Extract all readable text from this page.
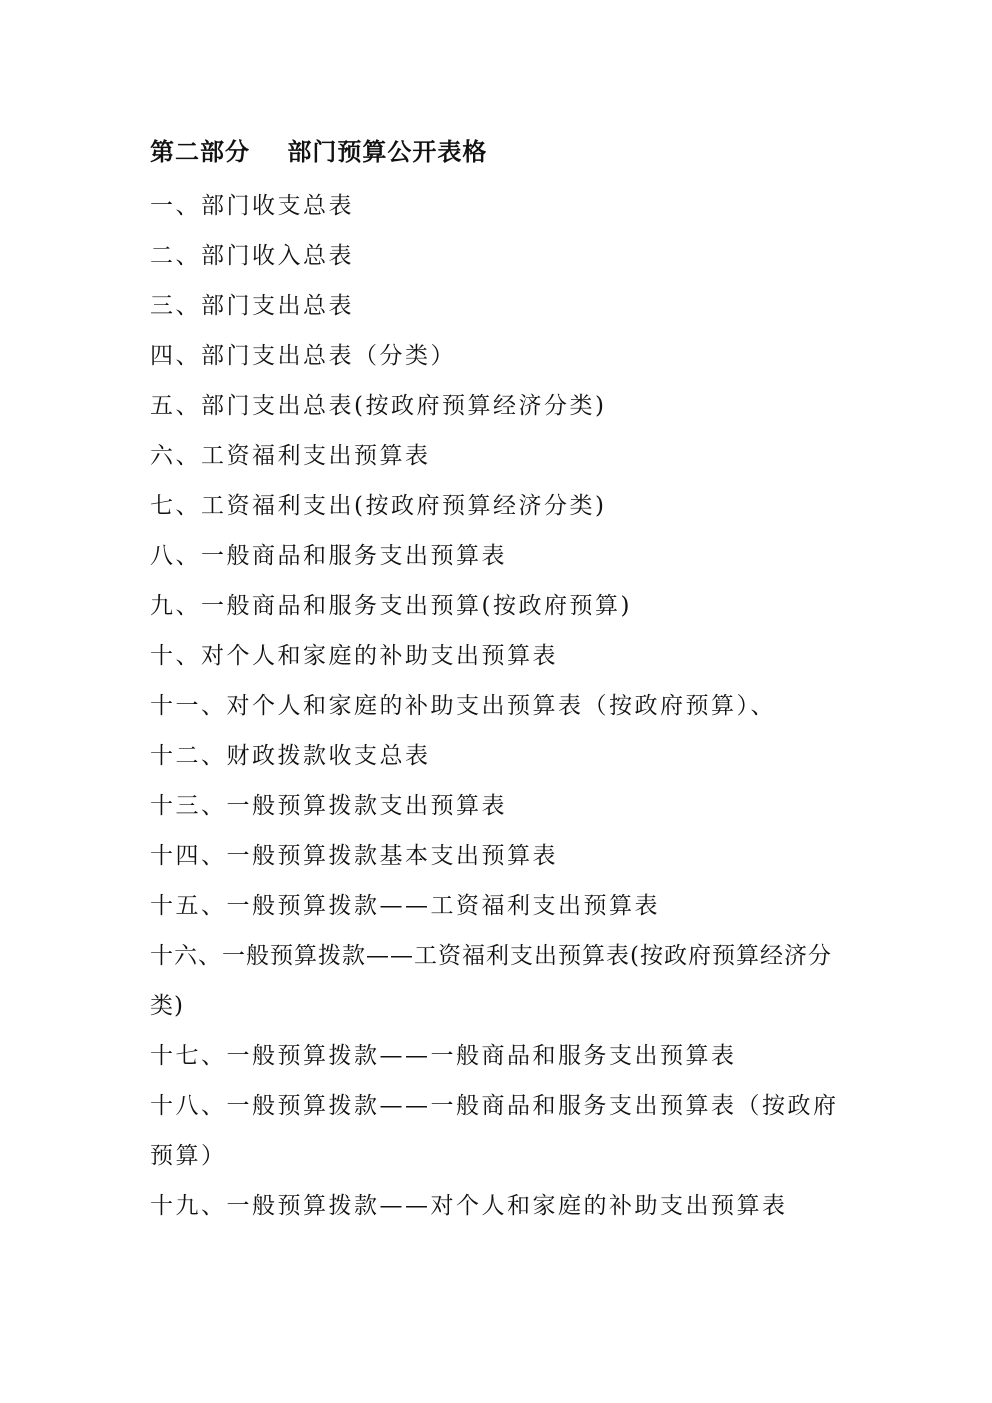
第二部分    部门预算公开表格
一、部门收支总表
二、部门收入总表
三、部门支出总表
四、部门支出总表（分类）
五、部门支出总表(按政府预算经济分类)
六、工资福利支出预算表
七、工资福利支出(按政府预算经济分类)
八、一般商品和服务支出预算表
九、一般商品和服务支出预算(按政府预算)
十、对个人和家庭的补助支出预算表
十一、对个人和家庭的补助支出预算表（按政府预算）、
十二、财政拨款收支总表
十三、一般预算拨款支出预算表
十四、一般预算拨款基本支出预算表
十五、一般预算拨款——工资福利支出预算表
十六、一般预算拨款——工资福利支出预算表(按政府预算经济分类)
十七、一般预算拨款——一般商品和服务支出预算表
十八、一般预算拨款——一般商品和服务支出预算表（按政府预算）
十九、一般预算拨款——对个人和家庭的补助支出预算表
